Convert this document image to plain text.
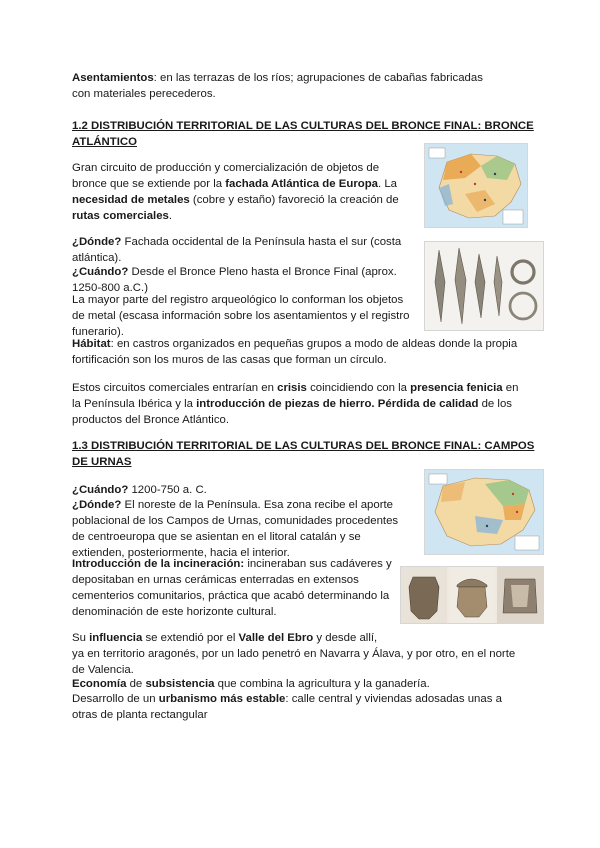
Asentamientos: en las terrazas de los ríos; agrupaciones de cabañas fabricadas con materiales perecederos.

1.2 DISTRIBUCIÓN TERRITORIAL DE LAS CULTURAS DEL BRONCE FINAL: BRONCE
ATLÁNTICO

Gran circuito de producción y comercialización de objetos de bronce que se extiende por la fachada Atlántica de Europa. La necesidad de metales (cobre y estaño) favoreció la creación de rutas comerciales.

¿Dónde? Fachada occidental de la Península hasta el sur (costa atlántica).

¿Cuándo? Desde el Bronce Pleno hasta el Bronce Final (aprox. 1250-800 a.C.)

La mayor parte del registro arqueológico lo conforman los objetos de metal (escasa información sobre los asentamientos y el registro funerario).

Hábitat: en castros organizados en pequeñas grupos a modo de aldeas donde la propia fortificación son los muros de las casas que forman un círculo.

Estos circuitos comerciales entrarían en crisis coincidiendo con la presencia fenicia en la Península Ibérica y la introducción de piezas de hierro. Pérdida de calidad de los productos del Bronce Atlántico.

1.3 DISTRIBUCIÓN TERRITORIAL DE LAS CULTURAS DEL BRONCE FINAL: CAMPOS
DE URNAS

¿Cuándo? 1200-750 a. C.

¿Dónde? El noreste de la Península. Esa zona recibe el aporte poblacional de los Campos de Urnas, comunidades procedentes de centroeuropa que se asientan en el litoral catalán y se extienden, posteriormente, hacia el interior.

Introducción de la incineración: incineraban sus cadáveres y depositaban en urnas cerámicas enterradas en extensos cementerios comunitarios, práctica que acabó determinando la denominación de este horizonte cultural.

Su influencia se extendió por el Valle del Ebro y desde allí,

ya en territorio aragonés, por un lado penetró en Navarra y Álava, y por otro, en el norte de Valencia.

Economía de subsistencia que combina la agricultura y la ganadería.

Desarrollo de un urbanismo más estable: calle central y viviendas adosadas unas a otras de planta rectangular
